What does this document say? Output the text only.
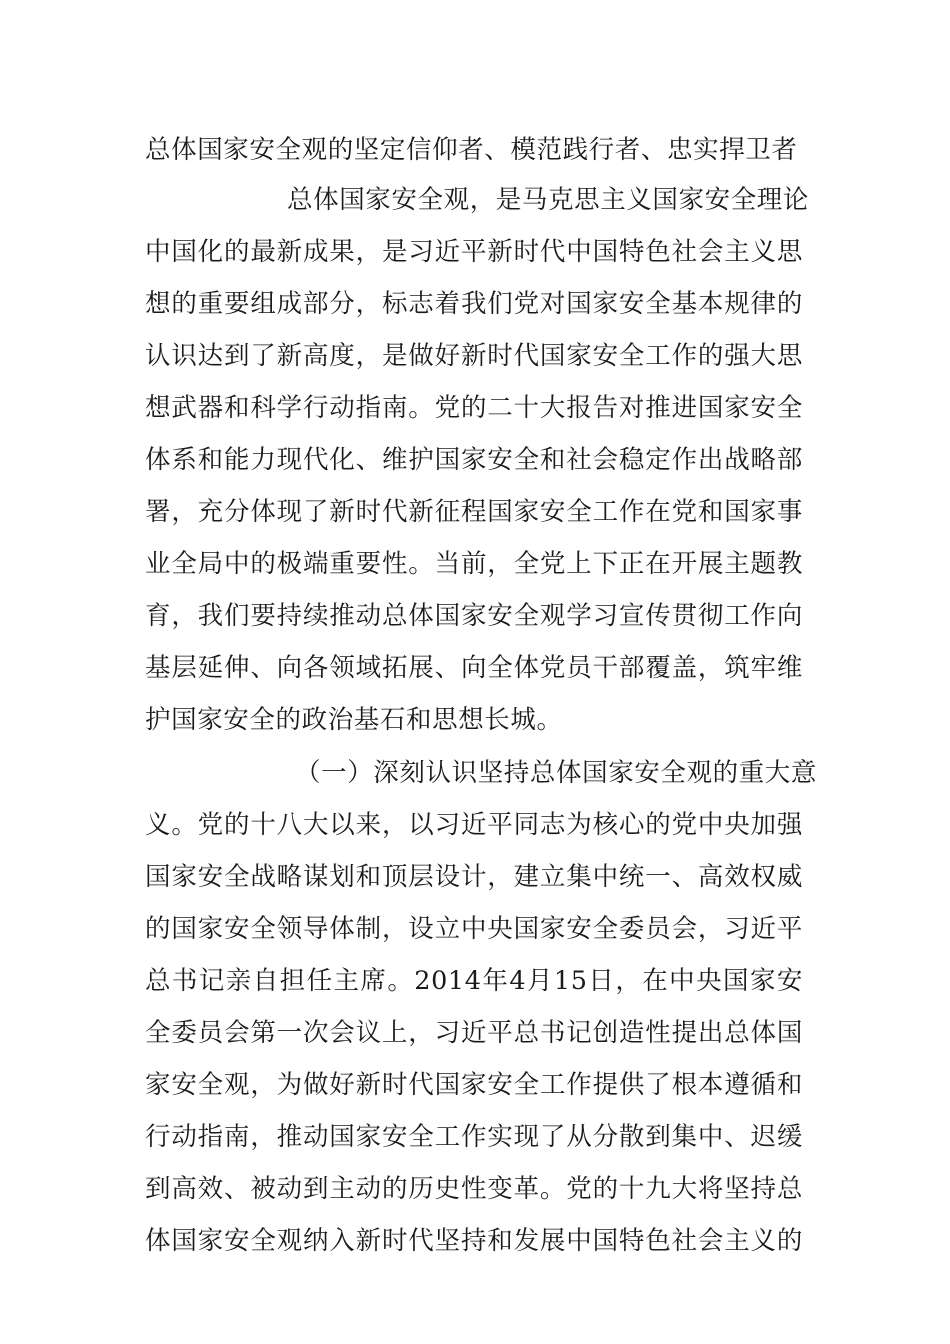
总体国家安全观的坚定信仰者、模范践行者、忠实捍卫者
总体国家安全观，是马克思主义国家安全理论
中国化的最新成果，是习近平新时代中国特色社会主义思
想的重要组成部分，标志着我们党对国家安全基本规律的
认识达到了新高度，是做好新时代国家安全工作的强大思
想武器和科学行动指南。党的二十大报告对推进国家安全
体系和能力现代化、维护国家安全和社会稳定作出战略部
署，充分体现了新时代新征程国家安全工作在党和国家事
业全局中的极端重要性。当前，全党上下正在开展主题教
育，我们要持续推动总体国家安全观学习宣传贯彻工作向
基层延伸、向各领域拓展、向全体党员干部覆盖，筑牢维
护国家安全的政治基石和思想长城。
（一）深刻认识坚持总体国家安全观的重大意
义。党的十八大以来，以习近平同志为核心的党中央加强
国家安全战略谋划和顶层设计，建立集中统一、高效权威
的国家安全领导体制，设立中央国家安全委员会，习近平
总书记亲自担任主席。2014年4月15日，在中央国家安
全委员会第一次会议上，习近平总书记创造性提出总体国
家安全观，为做好新时代国家安全工作提供了根本遵循和
行动指南，推动国家安全工作实现了从分散到集中、迟缓
到高效、被动到主动的历史性变革。党的十九大将坚持总
体国家安全观纳入新时代坚持和发展中国特色社会主义的
